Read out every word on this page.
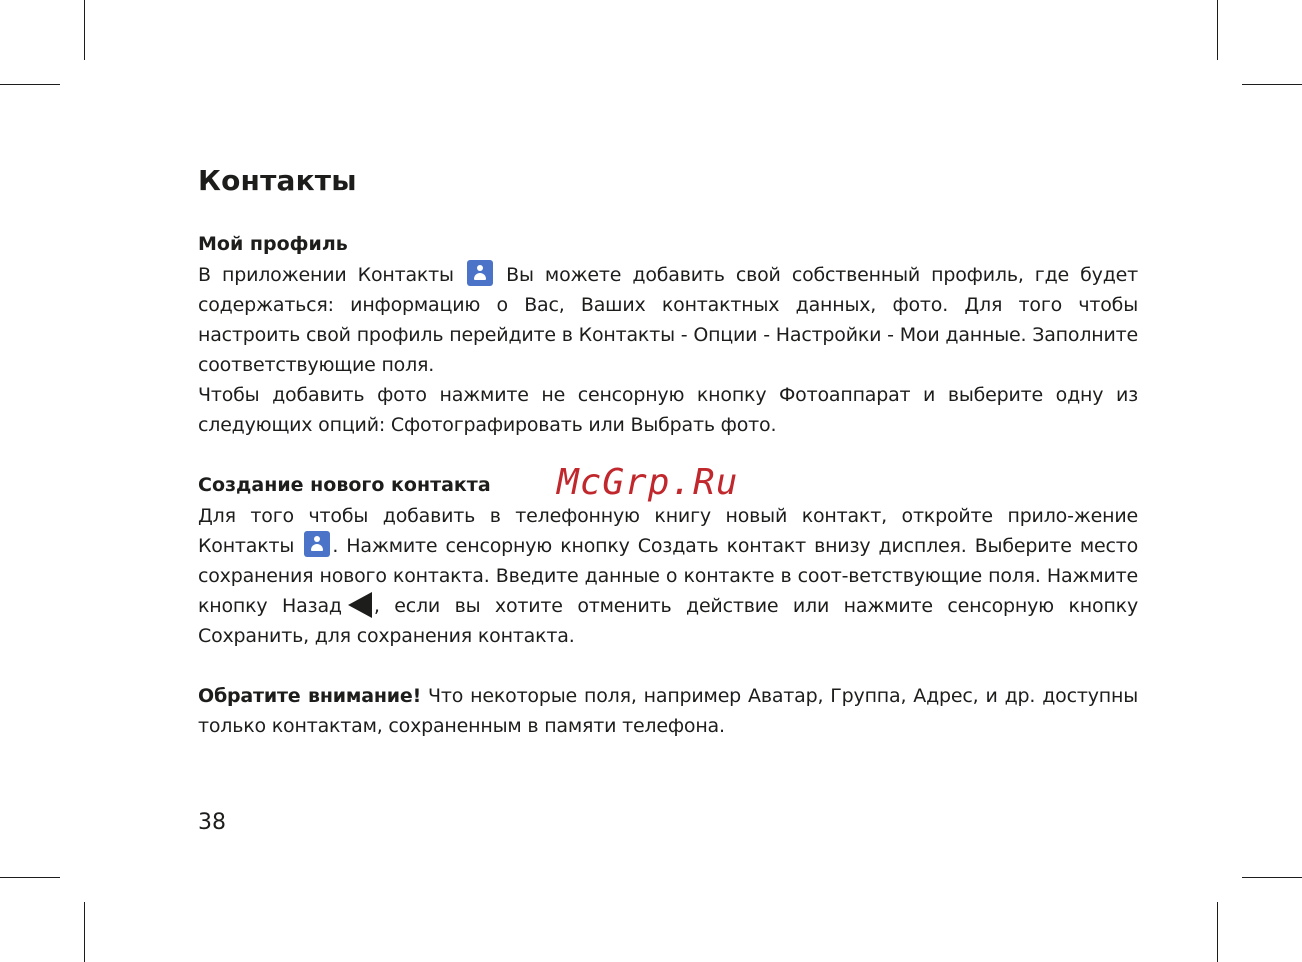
Контакты
Мой профиль

В приложении Контакты	Вы можете добавить свой собственный профиль, где будет содержаться: информацию о Вас, Ваших контактных данных, фото. Для того чтобы настроить свой профиль перейдите в Контакты - Опции - Настройки - Мои данные. Заполните соответствующие поля.
Чтобы добавить фото нажмите не сенсорную кнопку Фотоаппарат и выберите одну из следующих опций: Сфотографировать или Выбрать фото.

Создание нового контакта McGrp.Ru

Для того чтобы добавить в телефонную книгу новый контакт, откройте прило-жение Контакты . Нажмите сенсорную кнопку Создать контакт внизу дисплея. Выберите место сохранения нового контакта. Введите данные о контакте в соот-ветствующие поля. Нажмите кнопку Назад , если вы хотите отменить действие или нажмите сенсорную кнопку Сохранить, для сохранения контакта.

Обратите внимание! Что некоторые поля, например Аватар, Группа, Адрес, и др. доступны только контактам, сохраненным в памяти телефона.

38
